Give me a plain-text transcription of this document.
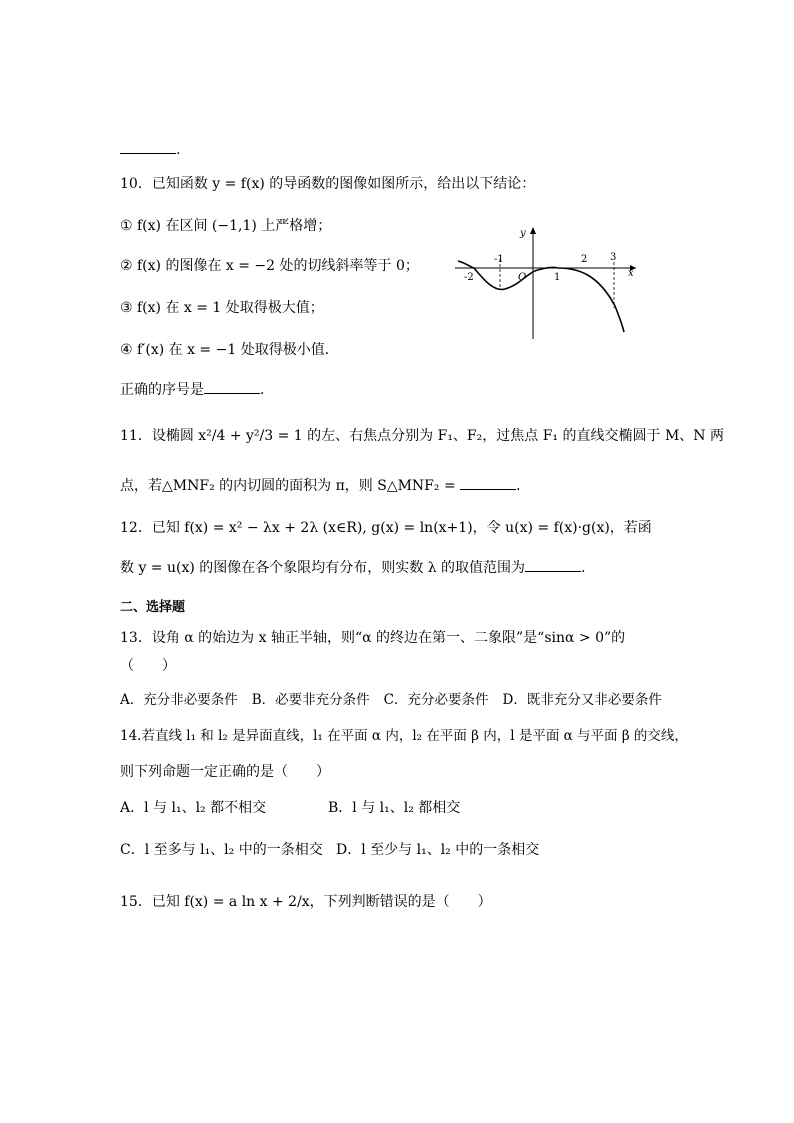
.
10．已知函数 y = f(x) 的导函数的图像如图所示，给出以下结论：
① f(x) 在区间 (−1,1) 上严格增；
② f(x) 的图像在 x = −2 处的切线斜率等于 0；
③ f(x) 在 x = 1 处取得极大值；
④ f′(x) 在 x = −1 处取得极小值．
正确的序号是	．
y
x
O
-2
-1
1
2 3
11．设椭圆 x²/4 + y²/3 = 1 的左、右焦点分别为 F₁、F₂，过焦点 F₁ 的直线交椭圆于 M、N 两
点，若△MNF₂ 的内切圆的面积为 π，则 S△MNF₂ =	．
12．已知 f(x) = x² − λx + 2λ (x∈R), g(x) = ln(x+1)，令 u(x) = f(x)·g(x)，若函
数 y = u(x) 的图像在各个象限均有分布，则实数 λ 的取值范围为	．
二、选择题
13．设角 α 的始边为 x 轴正半轴，则“α 的终边在第一、二象限”是“sinα > 0”的
（　　）
A．充分非必要条件 B．必要非充分条件 C．充分必要条件 D．既非充分又非必要条件
14.若直线 l₁ 和 l₂ 是异面直线，l₁ 在平面 α 内，l₂ 在平面 β 内，l 是平面 α 与平面 β 的交线，
则下列命题一定正确的是（　　）
A．l 与 l₁、l₂ 都不相交	B．l 与 l₁、l₂ 都相交
C．l 至多与 l₁、l₂ 中的一条相交 D．l 至少与 l₁、l₂ 中的一条相交
15．已知 f(x) = a ln x + 2/x，下列判断错误的是（　　）
